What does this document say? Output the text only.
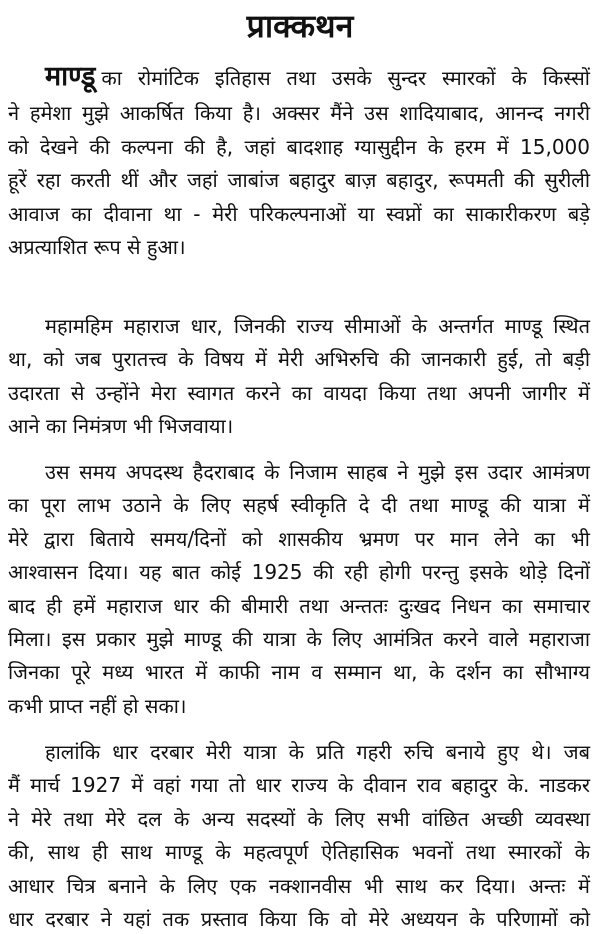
प्राक्कथन
माण्डू का रोमांटिक इतिहास तथा उसके सुन्दर स्मारकों के किस्सों
ने हमेशा मुझे आकर्षित किया है। अक्सर मैंने उस शादियाबाद, आनन्द नगरी
को देखने की कल्पना की है, जहां बादशाह ग्यासुद्दीन के हरम में 15,000
हूरें रहा करती थीं और जहां जाबांज बहादुर बाज़ बहादुर, रूपमती की सुरीली
आवाज का दीवाना था - मेरी परिकल्पनाओं या स्वप्नों का साकारीकरण बड़े
अप्रत्याशित रूप से हुआ।
महामहिम महाराज धार, जिनकी राज्य सीमाओं के अन्तर्गत माण्डू स्थित
था, को जब पुरातत्त्व के विषय में मेरी अभिरुचि की जानकारी हुई, तो बड़ी
उदारता से उन्होंने मेरा स्वागत करने का वायदा किया तथा अपनी जागीर में
आने का निमंत्रण भी भिजवाया।
उस समय अपदस्थ हैदराबाद के निजाम साहब ने मुझे इस उदार आमंत्रण
का पूरा लाभ उठाने के लिए सहर्ष स्वीकृति दे दी तथा माण्डू की यात्रा में
मेरे द्वारा बिताये समय/दिनों को शासकीय भ्रमण पर मान लेने का भी
आश्वासन दिया। यह बात कोई 1925 की रही होगी परन्तु इसके थोड़े दिनों
बाद ही हमें महाराज धार की बीमारी तथा अन्ततः दुःखद निधन का समाचार
मिला। इस प्रकार मुझे माण्डू की यात्रा के लिए आमंत्रित करने वाले महाराजा
जिनका पूरे मध्य भारत में काफी नाम व सम्मान था, के दर्शन का सौभाग्य
कभी प्राप्त नहीं हो सका।
हालांकि धार दरबार मेरी यात्रा के प्रति गहरी रुचि बनाये हुए थे। जब
मैं मार्च 1927 में वहां गया तो धार राज्य के दीवान राव बहादुर के. नाडकर
ने मेरे तथा मेरे दल के अन्य सदस्यों के लिए सभी वांछित अच्छी व्यवस्था
की, साथ ही साथ माण्डू के महत्वपूर्ण ऐतिहासिक भवनों तथा स्मारकों के
आधार चित्र बनाने के लिए एक नक्शानवीस भी साथ कर दिया। अन्तः में
धार दरबार ने यहां तक प्रस्ताव किया कि वो मेरे अध्ययन के परिणामों को
